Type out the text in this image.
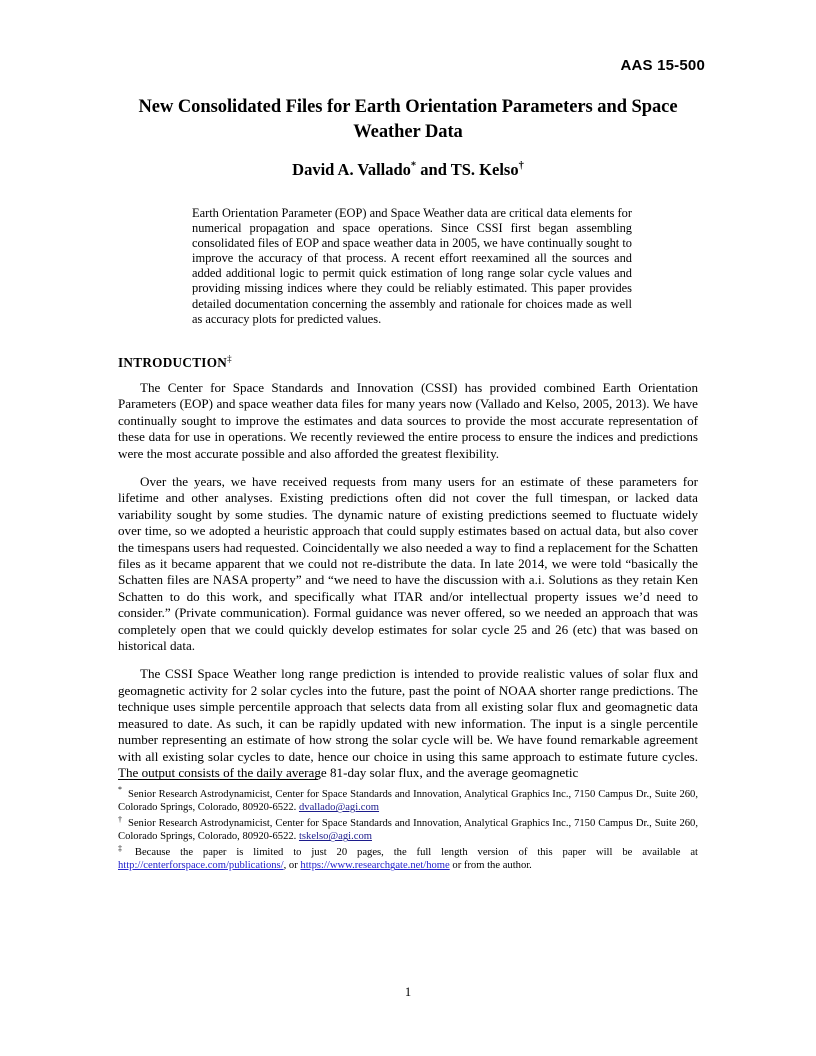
AAS 15-500
New Consolidated Files for Earth Orientation Parameters and Space Weather Data
David A. Vallado* and TS. Kelso†
Earth Orientation Parameter (EOP) and Space Weather data are critical data elements for numerical propagation and space operations. Since CSSI first began assembling consolidated files of EOP and space weather data in 2005, we have continually sought to improve the accuracy of that process. A recent effort reexamined all the sources and added additional logic to permit quick estimation of long range solar cycle values and providing missing indices where they could be reliably estimated. This paper provides detailed documentation concerning the assembly and rationale for choices made as well as accuracy plots for predicted values.
INTRODUCTION‡

The Center for Space Standards and Innovation (CSSI) has provided combined Earth Orientation Parameters (EOP) and space weather data files for many years now (Vallado and Kelso, 2005, 2013). We have continually sought to improve the estimates and data sources to provide the most accurate representation of these data for use in operations. We recently reviewed the entire process to ensure the indices and predictions were the most accurate possible and also afforded the greatest flexibility.

Over the years, we have received requests from many users for an estimate of these parameters for lifetime and other analyses. Existing predictions often did not cover the full timespan, or lacked data variability sought by some studies. The dynamic nature of existing predictions seemed to fluctuate widely over time, so we adopted a heuristic approach that could supply estimates based on actual data, but also cover the timespans users had requested. Coincidentally we also needed a way to find a replacement for the Schatten files as it became apparent that we could not re-distribute the data. In late 2014, we were told “basically the Schatten files are NASA property” and “we need to have the discussion with a.i. Solutions as they retain Ken Schatten to do this work, and specifically what ITAR and/or intellectual property issues we’d need to consider.” (Private communication). Formal guidance was never offered, so we needed an approach that was completely open that we could quickly develop estimates for solar cycle 25 and 26 (etc) that was based on historical data.

The CSSI Space Weather long range prediction is intended to provide realistic values of solar flux and geomagnetic activity for 2 solar cycles into the future, past the point of NOAA shorter range predictions. The technique uses simple percentile approach that selects data from all existing solar flux and geomagnetic data measured to date. As such, it can be rapidly updated with new information. The input is a single percentile number representing an estimate of how strong the solar cycle will be. We have found remarkable agreement with all existing solar cycles to date, hence our choice in using this same approach to estimate future cycles. The output consists of the daily average 81-day solar flux, and the average geomagnetic

* Senior Research Astrodynamicist, Center for Space Standards and Innovation, Analytical Graphics Inc., 7150 Campus Dr., Suite 260, Colorado Springs, Colorado, 80920-6522. dvallado@agi.com

† Senior Research Astrodynamicist, Center for Space Standards and Innovation, Analytical Graphics Inc., 7150 Campus Dr., Suite 260, Colorado Springs, Colorado, 80920-6522. tskelso@agi.com

‡ Because the paper is limited to just 20 pages, the full length version of this paper will be available at http://centerforspace.com/publications/, or https://www.researchgate.net/home or from the author.

1
